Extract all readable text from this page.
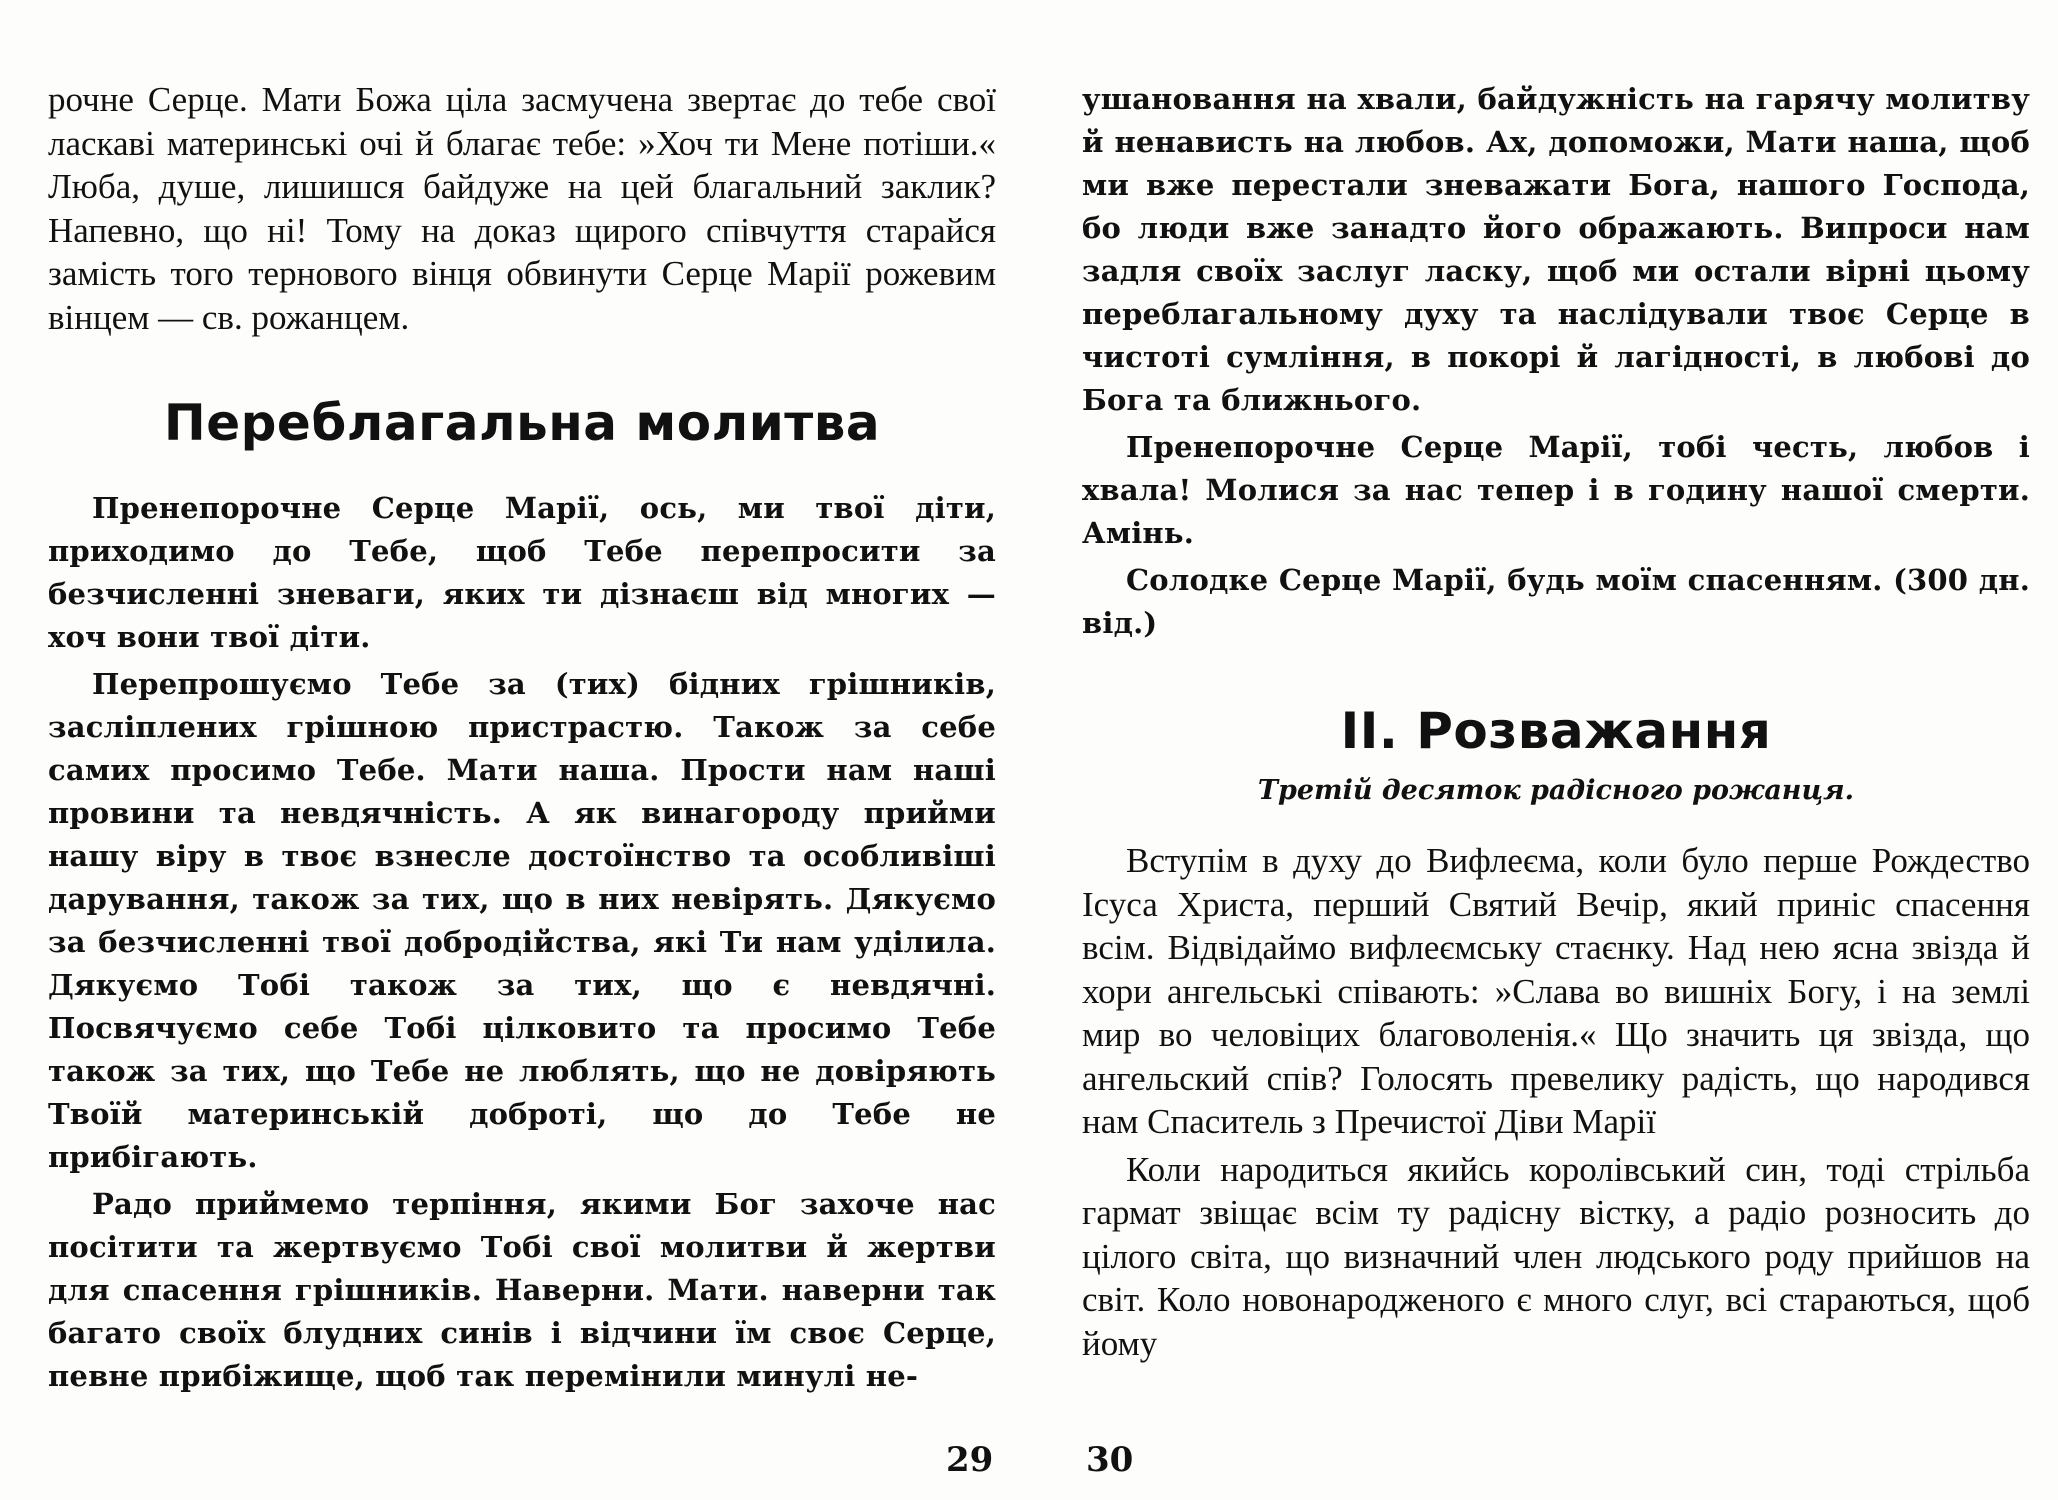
рочне Серце. Мати Божа ціла засмучена звертає до тебе свої ласкаві материнські очі й благає тебе: »Хоч ти Мене потіши.« Люба, душе, лишишся байдуже на цей благальний заклик? Напевно, що ні! Тому на доказ щирого співчуття старайся замість того тернового вінця обвинути Серце Марії рожевим вінцем — св. рожанцем.

Переблагальна молитва

Пренепорочне Серце Марії, ось, ми твої діти, приходимо до Тебе, щоб Тебе перепросити за безчисленні зневаги, яких ти дізнаєш від многих — хоч вони твої діти.

Перепрошуємо Тебе за (тих) бідних грішників, засліплених грішною пристрастю. Також за себе самих просимо Тебе. Мати наша. Прости нам наші провини та невдячність. А як винагороду прийми нашу віру в твоє взнесле достоїнство та особливіші дарування, також за тих, що в них невірять. Дякуємо за безчисленні твої добродійства, які Ти нам уділила. Дякуємо Тобі також за тих, що є невдячні. Посвячуємо себе Тобі цілковито та просимо Тебе також за тих, що Тебе не люблять, що не довіряють Твоїй материнській доброті, що до Тебе не прибігають.

Радо приймемо терпіння, якими Бог захоче нас посітити та жертвуємо Тобі свої молитви й жертви для спасення грішників. Наверни. Мати. наверни так багато своїх блудних синів і відчини їм своє Серце, певне прибіжище, щоб так перемінили минулі не-

ушановання на хвали, байдужність на гарячу молитву й ненависть на любов. Ах, допоможи, Мати наша, щоб ми вже перестали зневажати Бога, нашого Господа, бо люди вже занадто його ображають. Випроси нам задля своїх заслуг ласку, щоб ми остали вірні цьому переблагальному духу та наслідували твоє Серце в чистоті сумління, в покорі й лагідності, в любові до Бога та ближнього.

Пренепорочне Серце Марії, тобі честь, любов і хвала! Молися за нас тепер і в годину нашої смерти. Амінь.

Солодке Серце Марії, будь моїм спасенням. (300 дн. від.)

II. Розважання
Третій десяток радісного рожанця.

Вступім в духу до Вифлеєма, коли було перше Рождество Ісуса Христа, перший Святий Вечір, який приніс спасення всім. Відвідаймо вифлеємську стаєнку. Над нею ясна звізда й хори ангельські співають: »Слава во вишніх Богу, і на землі мир во человіцих благоволенія.« Що значить ця звізда, що ангельский спів? Голосять превелику радість, що народився нам Спаситель з Пречистої Діви Марії

Коли народиться якийсь королівський син, тоді стрільба гармат звіщає всім ту радісну вістку, а радіо розносить до цілого світа, що визначний член людського роду прийшов на світ. Коло новонародженого є много слуг, всі стараються, щоб йому

29	30
